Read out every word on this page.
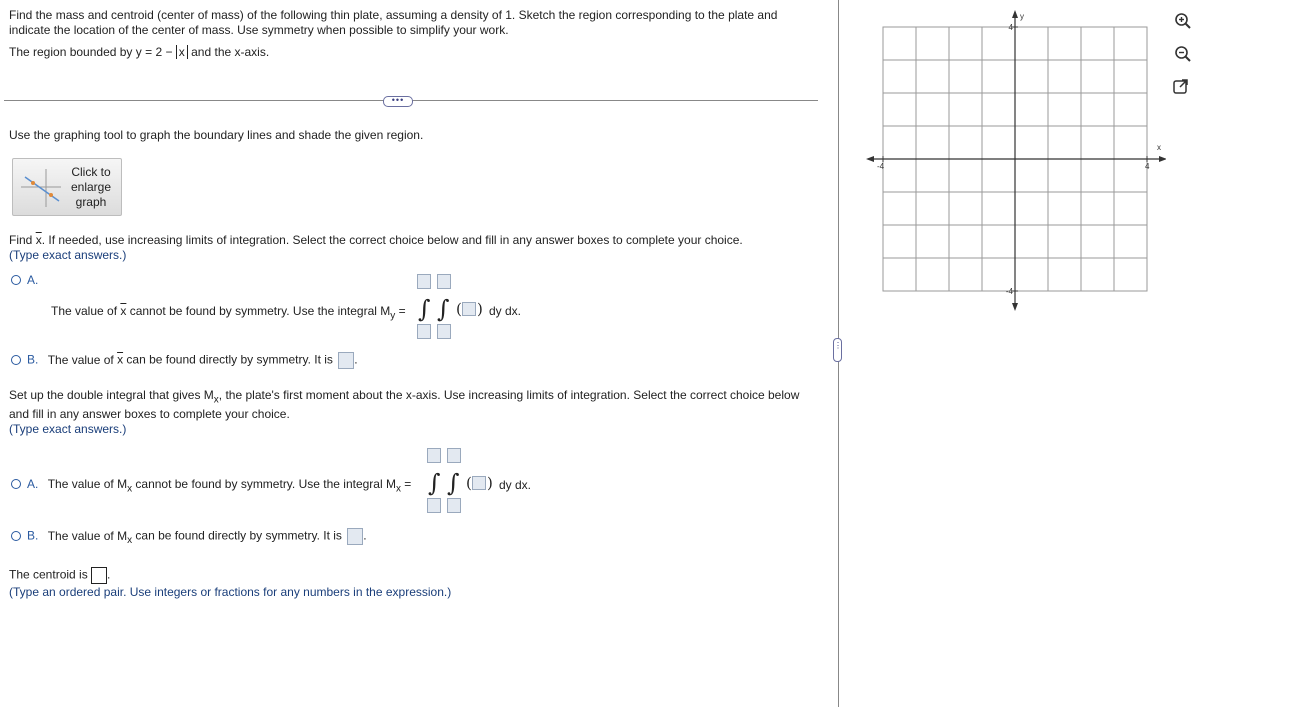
Find the mass and centroid (center of mass) of the following thin plate, assuming a density of 1. Sketch the region corresponding to the plate and
indicate the location of the center of mass. Use symmetry when possible to simplify your work.
The region bounded by y = 2 − x and the x-axis.
•••
Use the graphing tool to graph the boundary lines and shade the given region.
Click to enlarge graph
Find $\overline{x}$. If needed, use increasing limits of integration. Select the correct choice below and fill in any answer boxes to complete your choice.
(Type exact answers.)
A.
The value of $\overline{x}$ cannot be found by symmetry. Use the integral $M_y$ = ∫ ∫ ( ) dy dx.
B. The value of $\overline{x}$ can be found directly by symmetry. It is .
Set up the double integral that gives $M_x$, the plate's first moment about the x-axis. Use increasing limits of integration. Select the correct choice below
and fill in any answer boxes to complete your choice.
(Type exact answers.)
A. The value of $M_x$ cannot be found by symmetry. Use the integral $M_x$ = ∫ ∫ ( ) dy dx.
B. The value of $M_x$ can be found directly by symmetry. It is .
The centroid is .
(Type an ordered pair. Use integers or fractions for any numbers in the expression.)
⋮
x
y
-4	4
4
-4
